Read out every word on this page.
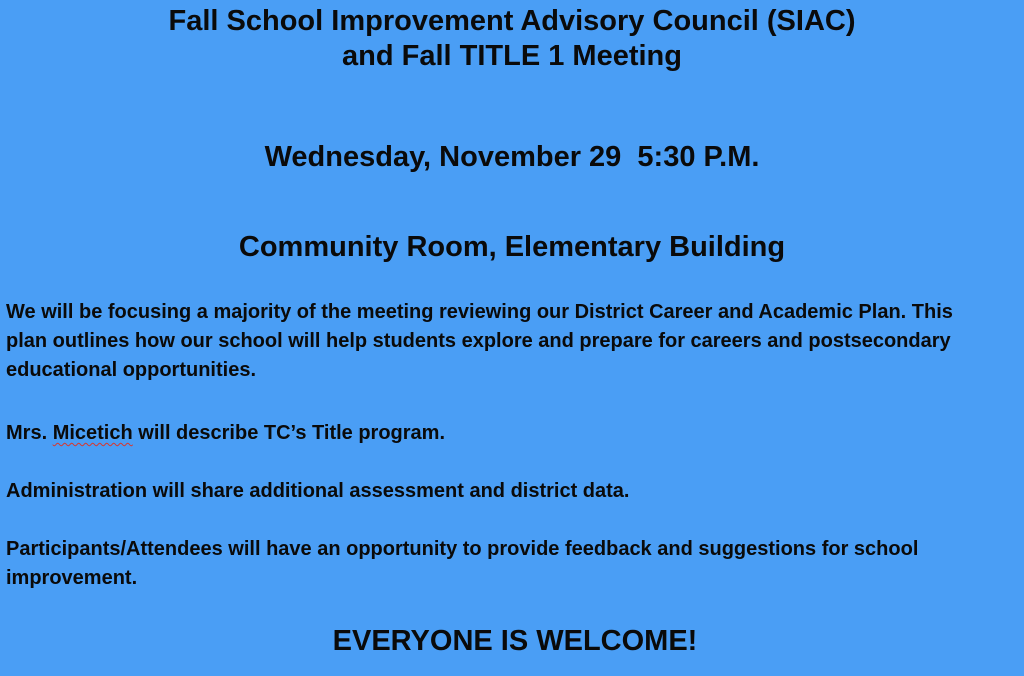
Fall School Improvement Advisory Council (SIAC)
and Fall TITLE 1 Meeting
Wednesday, November 29  5:30 P.M.
Community Room, Elementary Building
We will be focusing a majority of the meeting reviewing our District Career and Academic Plan. This plan outlines how our school will help students explore and prepare for careers and postsecondary educational opportunities.
Mrs. Micetich will describe TC’s Title program.
Administration will share additional assessment and district data.
Participants/Attendees will have an opportunity to provide feedback and suggestions for school improvement.
EVERYONE IS WELCOME!
